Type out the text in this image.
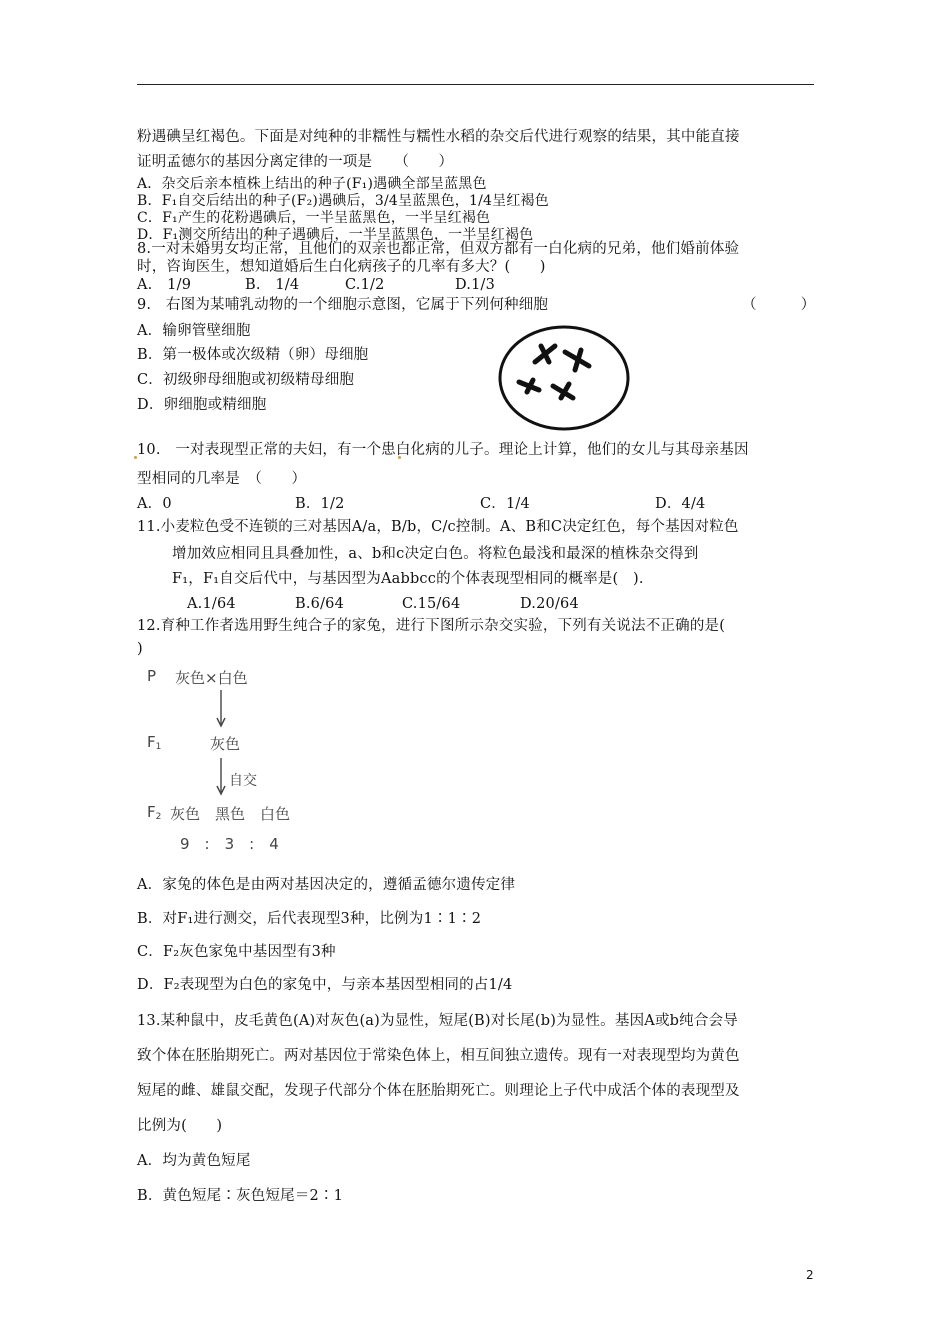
粉遇碘呈红褐色。下面是对纯种的非糯性与糯性水稻的杂交后代进行观察的结果，其中能直接
证明孟德尔的基因分离定律的一项是　　（　　）
A．杂交后亲本植株上结出的种子(F₁)遇碘全部呈蓝黑色
B．F₁自交后结出的种子(F₂)遇碘后，3/4呈蓝黑色，1/4呈红褐色
C．F₁产生的花粉遇碘后，一半呈蓝黑色，一半呈红褐色
D．F₁测交所结出的种子遇碘后，一半呈蓝黑色，一半呈红褐色
8.一对未婚男女均正常，且他们的双亲也都正常，但双方都有一白化病的兄弟，他们婚前体验
时，咨询医生，想知道婚后生白化病孩子的几率有多大？(　　)
A.　1/9	B.　1/4	C.1/2	D.1/3
9.　右图为某哺乳动物的一个细胞示意图，它属于下列何种细胞	（　　　）
A．输卵管壁细胞
B．第一极体或次级精（卵）母细胞
C．初级卵母细胞或初级精母细胞
D．卵细胞或精细胞
10.　一对表现型正常的夫妇，有一个患白化病的儿子。理论上计算，他们的女儿与其母亲基因
型相同的几率是　（　　）
A．0	B．1/2	C．1/4	D．4/4
11.小麦粒色受不连锁的三对基因A/a，B/b，C/c控制。A、B和C决定红色，每个基因对粒色
增加效应相同且具叠加性，a、b和c决定白色。将粒色最浅和最深的植株杂交得到
F₁，F₁自交后代中，与基因型为Aabbcc的个体表现型相同的概率是(　).
A.1/64	B.6/64	C.15/64	D.20/64
12.育种工作者选用野生纯合子的家兔，进行下图所示杂交实验，下列有关说法不正确的是(
)
P 灰色×白色
$F_1$	灰色
自交
$F_2$ 灰色　黑色　白色
9　:　3　:　4
A．家兔的体色是由两对基因决定的，遵循孟德尔遗传定律
B．对F₁进行测交，后代表现型3种，比例为1∶1∶2
C．F₂灰色家兔中基因型有3种
D．F₂表现型为白色的家兔中，与亲本基因型相同的占1/4
13.某种鼠中，皮毛黄色(A)对灰色(a)为显性，短尾(B)对长尾(b)为显性。基因A或b纯合会导
致个体在胚胎期死亡。两对基因位于常染色体上，相互间独立遗传。现有一对表现型均为黄色
短尾的雌、雄鼠交配，发现子代部分个体在胚胎期死亡。则理论上子代中成活个体的表现型及
比例为(　　)
A．均为黄色短尾
B．黄色短尾∶灰色短尾＝2∶1
2
